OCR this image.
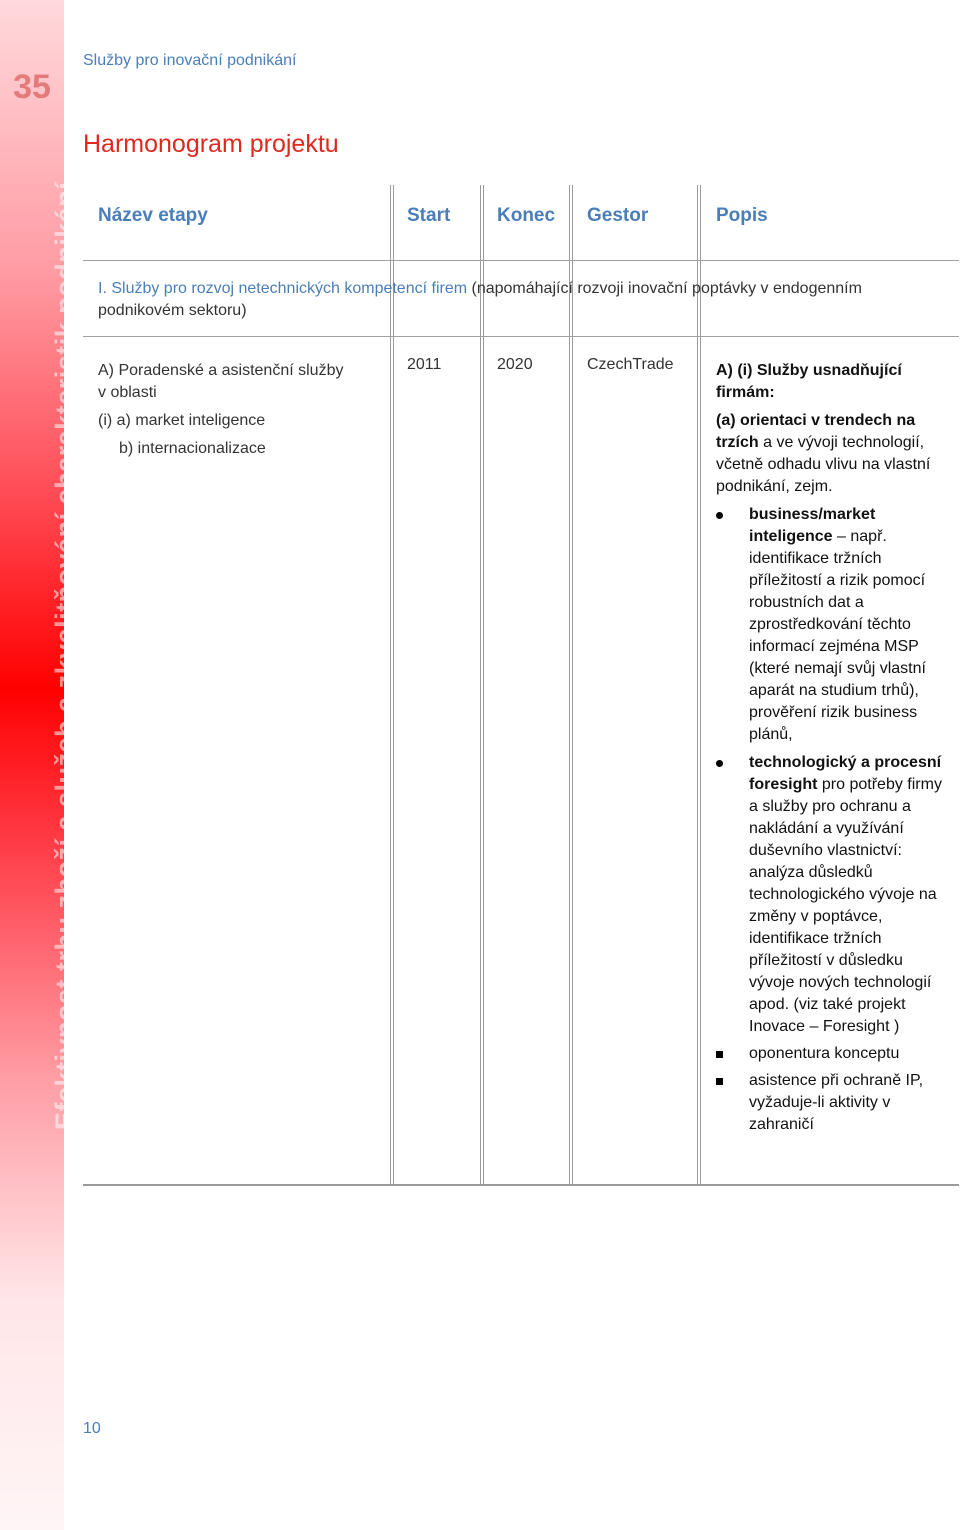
35
Efektivnost trhu zboží a služeb a zkvalitňování charakteristik podnikání
Služby pro inovační podnikání
Harmonogram projektu
Název etapy	Start Konec Gestor	Popis
I. Služby pro rozvoj netechnických kompetencí firem (napomáhající rozvoji inovační poptávky v endogenním podnikovém sektoru)
A) Poradenské a asistenční služby
v oblasti
(i) a) market inteligence
b) internacionalizace
2011	2020	CzechTrade	A) (i) Služby usnadňující firmám:

(a) orientaci v trendech na trzích a ve vývoji technologií, včetně odhadu vlivu na vlastní podnikání, zejm.

business/market inteligence – např. identifikace tržních příležitostí a rizik pomocí robustních dat a zprostředkování těchto informací zejména MSP (které nemají svůj vlastní aparát na studium trhů), prověření rizik business plánů,
technologický a procesní foresight pro potřeby firmy a služby pro ochranu a nakládání a využívání duševního vlastnictví: analýza důsledků technologického vývoje na změny v poptávce, identifikace tržních příležitostí v důsledku vývoje nových technologií apod. (viz také projekt Inovace – Foresight )
oponentura konceptu
asistence při ochraně IP, vyžaduje-li aktivity v zahraničí
10
